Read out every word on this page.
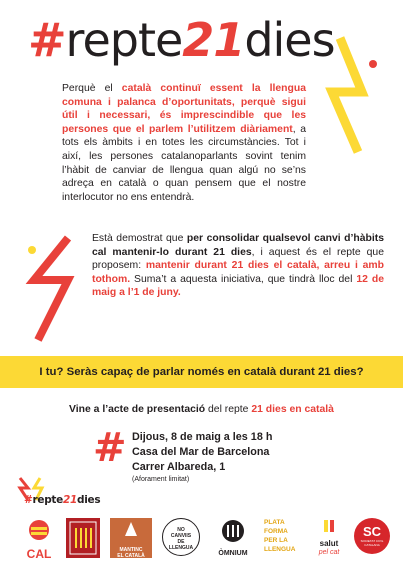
#repte21dies
Perquè el català continuï essent la llengua comuna i palanca d’oportunitats, perquè sigui útil i necessari, és imprescindible que les persones que el parlem l’utilitzem diàriament, a tots els àmbits i en totes les circumstàncies. Tot i així, les persones catalanoparlants sovint tenim l’hàbit de canviar de llengua quan algú no se’ns adreça en català o quan pensem que el nostre interlocutor no ens entendrà.
Està demostrat que per consolidar qualsevol canvi d’hàbits cal mantenir-lo durant 21 dies, i aquest és el repte que proposem: mantenir durant 21 dies el català, arreu i amb tothom. Suma’t a aquesta iniciativa, que tindrà lloc del 12 de maig a l’1 de juny.
I tu? Seràs capaç de parlar només en català durant 21 dies?
Vine a l’acte de presentació del repte 21 dies en català
# Dijous, 8 de maig a les 18 h
Casa del Mar de Barcelona
Carrer Albareda, 1
(Aforament limitat)
#repte21dies
CAL	MANTINC
EL CATALÀ
NO
CANVIIS
DE
LLENGUA
ÒMNIUM
PLATA
FORMA
PER LA
LLENGUA
salut
pel cat
SC
SOCIETAT CIVIL CATALANA
